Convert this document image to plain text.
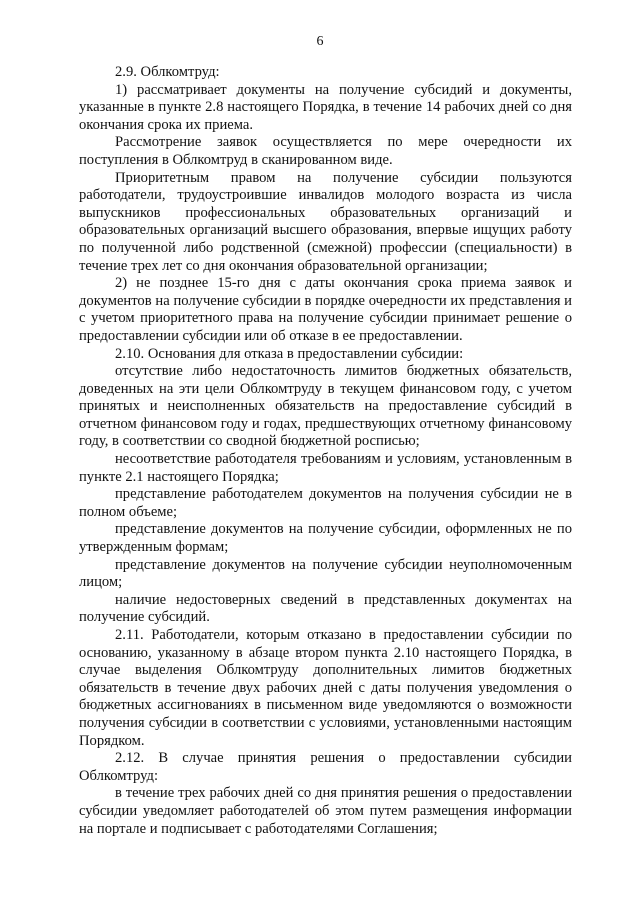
6

2.9. Облкомтруд:

1) рассматривает документы на получение субсидий и документы, указанные в пункте 2.8 настоящего Порядка, в течение 14 рабочих дней со дня окончания срока их приема.

Рассмотрение заявок осуществляется по мере очередности их поступления в Облкомтруд в сканированном виде.

Приоритетным правом на получение субсидии пользуются работодатели, трудоустроившие инвалидов молодого возраста из числа выпускников профессиональных образовательных организаций и образовательных организаций высшего образования, впервые ищущих работу по полученной либо родственной (смежной) профессии (специальности) в течение трех лет со дня окончания образовательной организации;

2) не позднее 15-го дня с даты окончания срока приема заявок и документов на получение субсидии в порядке очередности их представления и с учетом приоритетного права на получение субсидии принимает решение о предоставлении субсидии или об отказе в ее предоставлении.

2.10. Основания для отказа в предоставлении субсидии:

отсутствие либо недостаточность лимитов бюджетных обязательств, доведенных на эти цели Облкомтруду в текущем финансовом году, с учетом принятых и неисполненных обязательств на предоставление субсидий в отчетном финансовом году и годах, предшествующих отчетному финансовому году, в соответствии со сводной бюджетной росписью;

несоответствие работодателя требованиям и условиям, установленным в пункте 2.1 настоящего Порядка;

представление работодателем документов на получения субсидии не в полном объеме;

представление документов на получение субсидии, оформленных не по утвержденным формам;

представление документов на получение субсидии неуполномоченным лицом;

наличие недостоверных сведений в представленных документах на получение субсидий.

2.11. Работодатели, которым отказано в предоставлении субсидии по основанию, указанному в абзаце втором пункта 2.10 настоящего Порядка, в случае выделения Облкомтруду дополнительных лимитов бюджетных обязательств в течение двух рабочих дней с даты получения уведомления о бюджетных ассигнованиях в письменном виде уведомляются о возможности получения субсидии в соответствии с условиями, установленными настоящим Порядком.

2.12. В случае принятия решения о предоставлении субсидии Облкомтруд:

в течение трех рабочих дней со дня принятия решения о предоставлении субсидии уведомляет работодателей об этом путем размещения информации на портале и подписывает с работодателями Соглашения;
